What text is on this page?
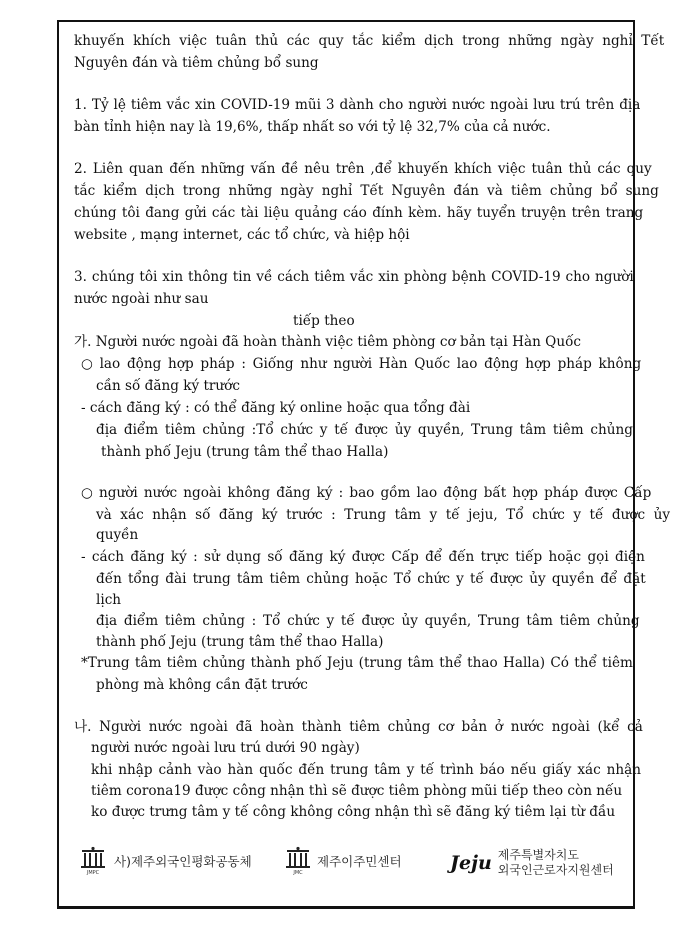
khuyến khích việc tuân thủ các quy tắc kiểm dịch trong những ngày nghỉ Tết
Nguyên đán và tiêm chủng bổ sung
1. Tỷ lệ tiêm vắc xin COVID-19 mũi 3 dành cho người nước ngoài lưu trú trên địa
bàn tỉnh hiện nay là 19,6%, thấp nhất so với tỷ lệ 32,7% của cả nước.
2. Liên quan đến những vấn đề nêu trên ,để khuyến khích việc tuân thủ các quy
tắc kiểm dịch trong những ngày nghỉ Tết Nguyên đán và tiêm chủng bổ sung
chúng tôi đang gửi các tài liệu quảng cáo đính kèm. hãy tuyển truyện trên trang
website , mạng internet, các tổ chức, và hiệp hội
3. chúng tôi xin thông tin về cách tiêm vắc xin phòng bệnh COVID-19 cho người
nước ngoài như sau
tiếp theo
가. Người nước ngoài đã hoàn thành việc tiêm phòng cơ bản tại Hàn Quốc
○ lao động hợp pháp : Giống như người Hàn Quốc lao động hợp pháp không
cần số đăng ký trước
- cách đăng ký : có thể đăng ký online hoặc qua tổng đài
địa điểm tiêm chủng :Tổ chức y tế được ủy quyền, Trung tâm tiêm chủng
thành phố Jeju (trung tâm thể thao Halla)
○ người nước ngoài không đăng ký : bao gồm lao động bất hợp pháp được Cấp
và xác nhận số đăng ký trước : Trung tâm y tế jeju, Tổ chức y tế được ủy
quyền
- cách đăng ký : sử dụng số đăng ký được Cấp để đến trực tiếp hoặc gọi điện
đến tổng đài trung tâm tiêm chủng hoặc Tổ chức y tế được ủy quyền để đặt
lịch
địa điểm tiêm chủng : Tổ chức y tế được ủy quyền, Trung tâm tiêm chủng
thành phố Jeju (trung tâm thể thao Halla)
*Trung tâm tiêm chủng thành phố Jeju (trung tâm thể thao Halla) Có thể tiêm
phòng mà không cần đặt trước
나. Người nước ngoài đã hoàn thành tiêm chủng cơ bản ở nước ngoài (kể cả
người nước ngoài lưu trú dưới 90 ngày)
khi nhập cảnh vào hàn quốc đến trung tâm y tế trình báo nếu giấy xác nhận
tiêm corona19 được công nhận thì sẽ được tiêm phòng mũi tiếp theo còn nếu
ko được trưng tâm y tế công không công nhận thì sẽ đăng ký tiêm lại từ đầu
JMPC
사)제주외국인평화공동체
JMC
제주이주민센터	Jeju 제주특별자치도
외국인근로자지원센터
